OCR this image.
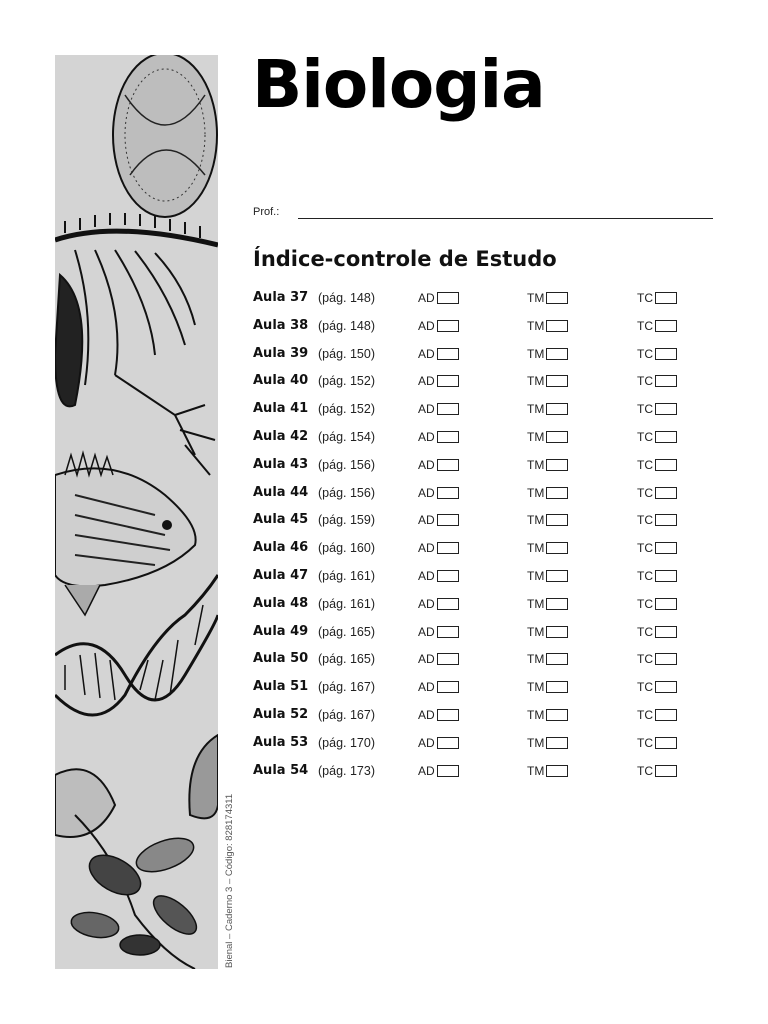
Bienal – Caderno 3 – Código: 828174311
Biologia
Prof.:
Índice-controle de Estudo
Aula 37 (pág. 148)	AD	TM	TC
Aula 38 (pág. 148)	AD	TM	TC
Aula 39 (pág. 150)	AD	TM	TC
Aula 40 (pág. 152)	AD	TM	TC
Aula 41 (pág. 152)	AD	TM	TC
Aula 42 (pág. 154)	AD	TM	TC
Aula 43 (pág. 156)	AD	TM	TC
Aula 44 (pág. 156)	AD	TM	TC
Aula 45 (pág. 159)	AD	TM	TC
Aula 46 (pág. 160)	AD	TM	TC
Aula 47 (pág. 161)	AD	TM	TC
Aula 48 (pág. 161)	AD	TM	TC
Aula 49 (pág. 165)	AD	TM	TC
Aula 50 (pág. 165)	AD	TM	TC
Aula 51 (pág. 167)	AD	TM	TC
Aula 52 (pág. 167)	AD	TM	TC
Aula 53 (pág. 170)	AD	TM	TC
Aula 54 (pág. 173)	AD	TM	TC
